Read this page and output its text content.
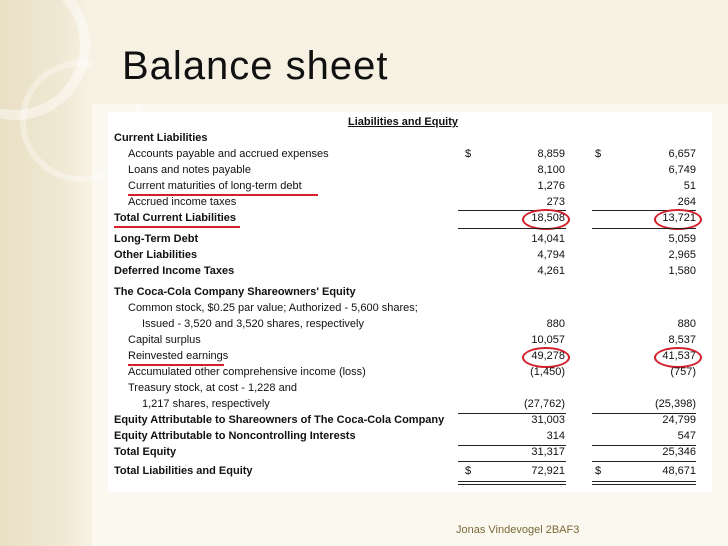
Balance sheet
Liabilities and Equity
Current Liabilities
Accounts payable and accrued expenses	$	8,859	$	6,657
Loans and notes payable	8,100	6,749
Current maturities of long-term debt	1,276	51
Accrued income taxes	273	264
Total Current Liabilities	18,508	13,721
Long-Term Debt	14,041	5,059
Other Liabilities	4,794	2,965
Deferred Income Taxes	4,261	1,580
The Coca-Cola Company Shareowners' Equity
Common stock, $0.25 par value; Authorized - 5,600 shares;
Issued - 3,520 and 3,520 shares, respectively	880	880
Capital surplus	10,057	8,537
Reinvested earnings	49,278	41,537
Accumulated other comprehensive income (loss)	(1,450)	(757)
Treasury stock, at cost - 1,228 and
1,217 shares, respectively	(27,762)	(25,398)
Equity Attributable to Shareowners of The Coca-Cola Company	31,003	24,799
Equity Attributable to Noncontrolling Interests	314	547
Total Equity	31,317	25,346
Total Liabilities and Equity	$	72,921	$	48,671
Jonas Vindevogel 2BAF3
